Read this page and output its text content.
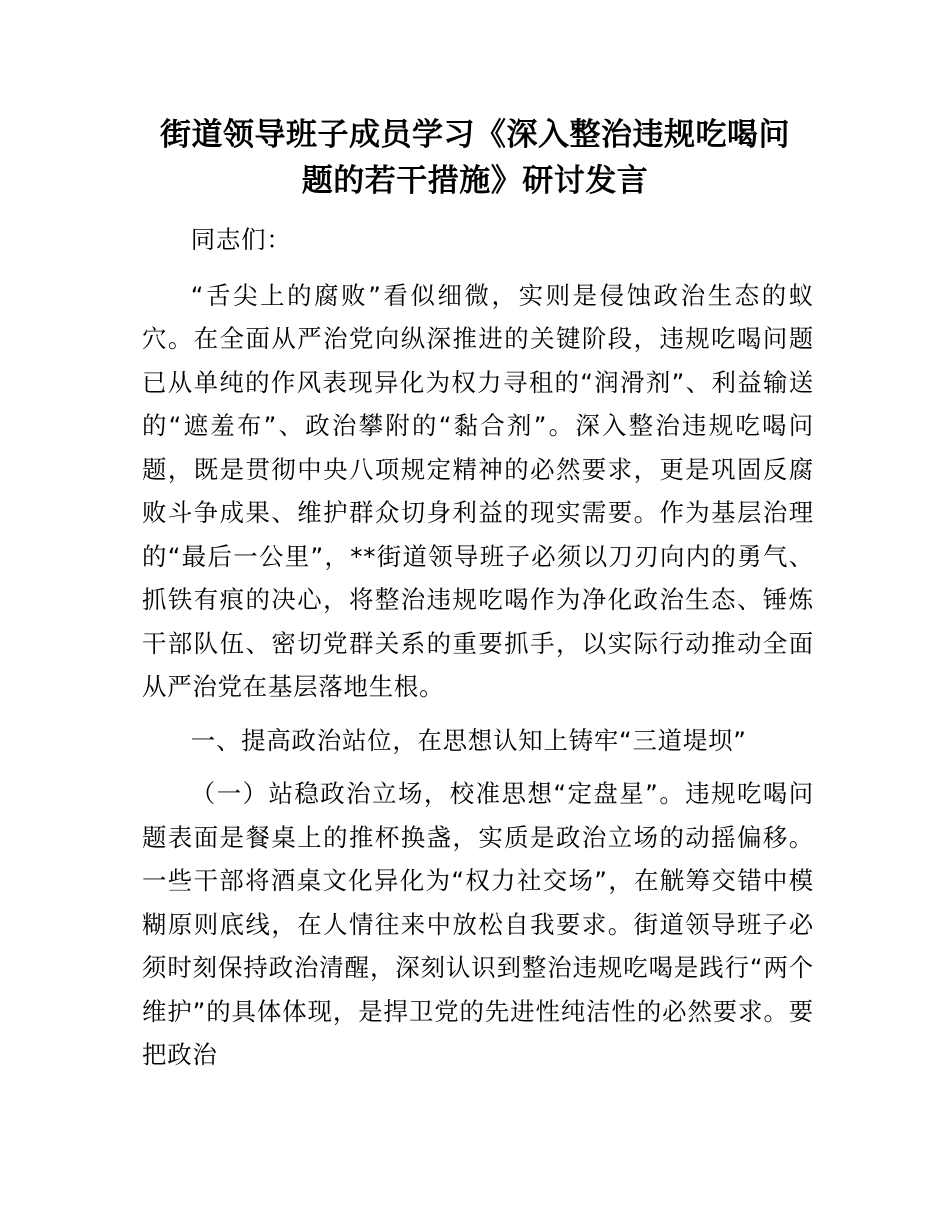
街道领导班子成员学习《深入整治违规吃喝问
题的若干措施》研讨发言

同志们：

“舌尖上的腐败”看似细微，实则是侵蚀政治生态的蚁穴。在全面从严治党向纵深推进的关键阶段，违规吃喝问题已从单纯的作风表现异化为权力寻租的“润滑剂”、利益输送的“遮羞布”、政治攀附的“黏合剂”。深入整治违规吃喝问题，既是贯彻中央八项规定精神的必然要求，更是巩固反腐败斗争成果、维护群众切身利益的现实需要。作为基层治理的“最后一公里”，**街道领导班子必须以刀刃向内的勇气、抓铁有痕的决心，将整治违规吃喝作为净化政治生态、锤炼干部队伍、密切党群关系的重要抓手，以实际行动推动全面从严治党在基层落地生根。

一、提高政治站位，在思想认知上铸牢“三道堤坝”

（一）站稳政治立场，校准思想“定盘星”。违规吃喝问题表面是餐桌上的推杯换盏，实质是政治立场的动摇偏移。一些干部将酒桌文化异化为“权力社交场”，在觥筹交错中模糊原则底线，在人情往来中放松自我要求。街道领导班子必须时刻保持政治清醒，深刻认识到整治违规吃喝是践行“两个维护”的具体体现，是捍卫党的先进性纯洁性的必然要求。要把政治
